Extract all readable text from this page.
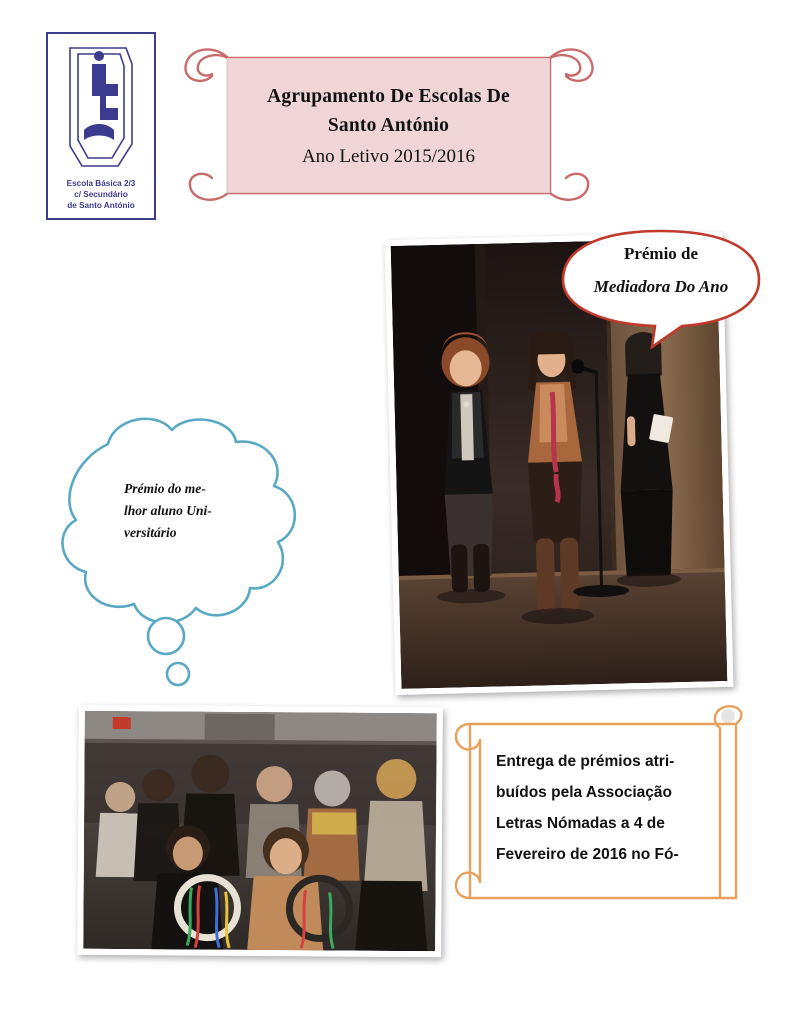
Escola Básica 2/3
c/ Secundário
de Santo António
Agrupamento De Escolas De Santo António
Ano Letivo 2015/2016
Prémio de
Mediadora Do Ano
Prémio do me-
lhor aluno Uni-
versitário
Entrega de prémios atri-
buídos pela Associação
Letras Nómadas a 4 de
Fevereiro de 2016 no Fó-
